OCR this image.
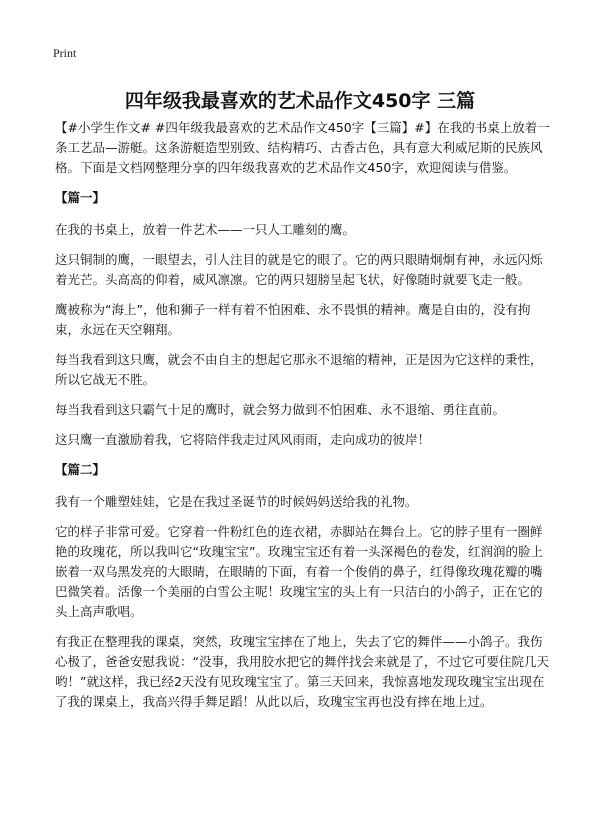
Print
四年级我最喜欢的艺术品作文450字 三篇

【#小学生作文# #四年级我最喜欢的艺术品作文450字【三篇】#】在我的书桌上放着一条工艺品—游艇。这条游艇造型别致、结构精巧、古香古色，具有意大利威尼斯的民族风格。下面是文档网整理分享的四年级我喜欢的艺术品作文450字，欢迎阅读与借鉴。

【篇一】

在我的书桌上，放着一件艺术——一只人工雕刻的鹰。

这只铜制的鹰，一眼望去，引人注目的就是它的眼了。它的两只眼睛炯炯有神，永远闪烁着光芒。头高高的仰着，威风凛凛。它的两只翅膀呈起飞状，好像随时就要飞走一般。

鹰被称为“海上”，他和狮子一样有着不怕困难、永不畏惧的精神。鹰是自由的，没有拘束，永远在天空翱翔。

每当我看到这只鹰，就会不由自主的想起它那永不退缩的精神，正是因为它这样的秉性，所以它战无不胜。

每当我看到这只霸气十足的鹰时，就会努力做到不怕困难、永不退缩、勇往直前。

这只鹰一直激励着我，它将陪伴我走过风风雨雨，走向成功的彼岸！

【篇二】

我有一个雕塑娃娃，它是在我过圣诞节的时候妈妈送给我的礼物。

它的样子非常可爱。它穿着一件粉红色的连衣裙，赤脚站在舞台上。它的脖子里有一圈鲜艳的玫瑰花，所以我叫它“玫瑰宝宝”。玫瑰宝宝还有着一头深褐色的卷发，红润润的脸上嵌着一双乌黑发亮的大眼睛，在眼睛的下面，有着一个俊俏的鼻子，红得像玫瑰花瓣的嘴巴微笑着。活像一个美丽的白雪公主呢！玫瑰宝宝的头上有一只洁白的小鸽子，正在它的头上高声歌唱。

有我正在整理我的课桌，突然，玫瑰宝宝摔在了地上，失去了它的舞伴——小鸽子。我伤心极了，爸爸安慰我说：“没事，我用胶水把它的舞伴找会来就是了，不过它可要住院几天哟！”就这样，我已经2天没有见玫瑰宝宝了。第三天回来，我惊喜地发现玫瑰宝宝出现在了我的课桌上，我高兴得手舞足蹈！从此以后，玫瑰宝宝再也没有摔在地上过。
